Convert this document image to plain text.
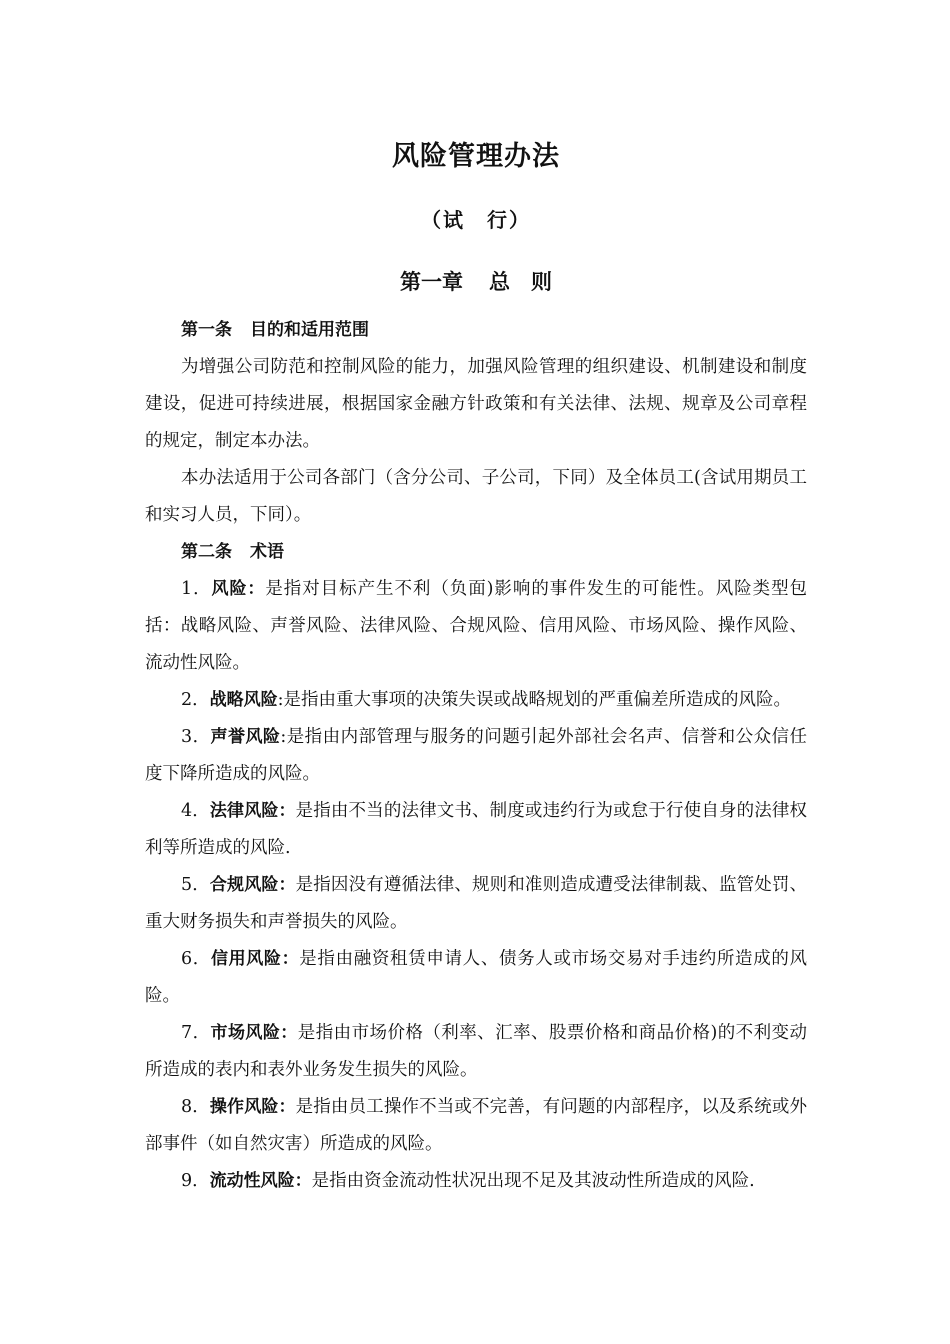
风险管理办法
（试　行）
第一章 总　则

第一条 目的和适用范围

为增强公司防范和控制风险的能力，加强风险管理的组织建设、机制建设和制度建设，促进可持续进展，根据国家金融方针政策和有关法律、法规、规章及公司章程的规定，制定本办法。

本办法适用于公司各部门（含分公司、子公司，下同）及全体员工(含试用期员工和实习人员，下同）。

第二条 术语

1．风险：是指对目标产生不利（负面)影响的事件发生的可能性。风险类型包括：战略风险、声誉风险、法律风险、合规风险、信用风险、市场风险、操作风险、流动性风险。

2．战略风险:是指由重大事项的决策失误或战略规划的严重偏差所造成的风险。

3．声誉风险:是指由内部管理与服务的问题引起外部社会名声、信誉和公众信任度下降所造成的风险。

4．法律风险：是指由不当的法律文书、制度或违约行为或怠于行使自身的法律权利等所造成的风险.

5．合规风险：是指因没有遵循法律、规则和准则造成遭受法律制裁、监管处罚、重大财务损失和声誉损失的风险。

6．信用风险：是指由融资租赁申请人、债务人或市场交易对手违约所造成的风险。

7．市场风险：是指由市场价格（利率、汇率、股票价格和商品价格)的不利变动所造成的表内和表外业务发生损失的风险。

8．操作风险：是指由员工操作不当或不完善，有问题的内部程序，以及系统或外部事件（如自然灾害）所造成的风险。

9．流动性风险：是指由资金流动性状况出现不足及其波动性所造成的风险.
